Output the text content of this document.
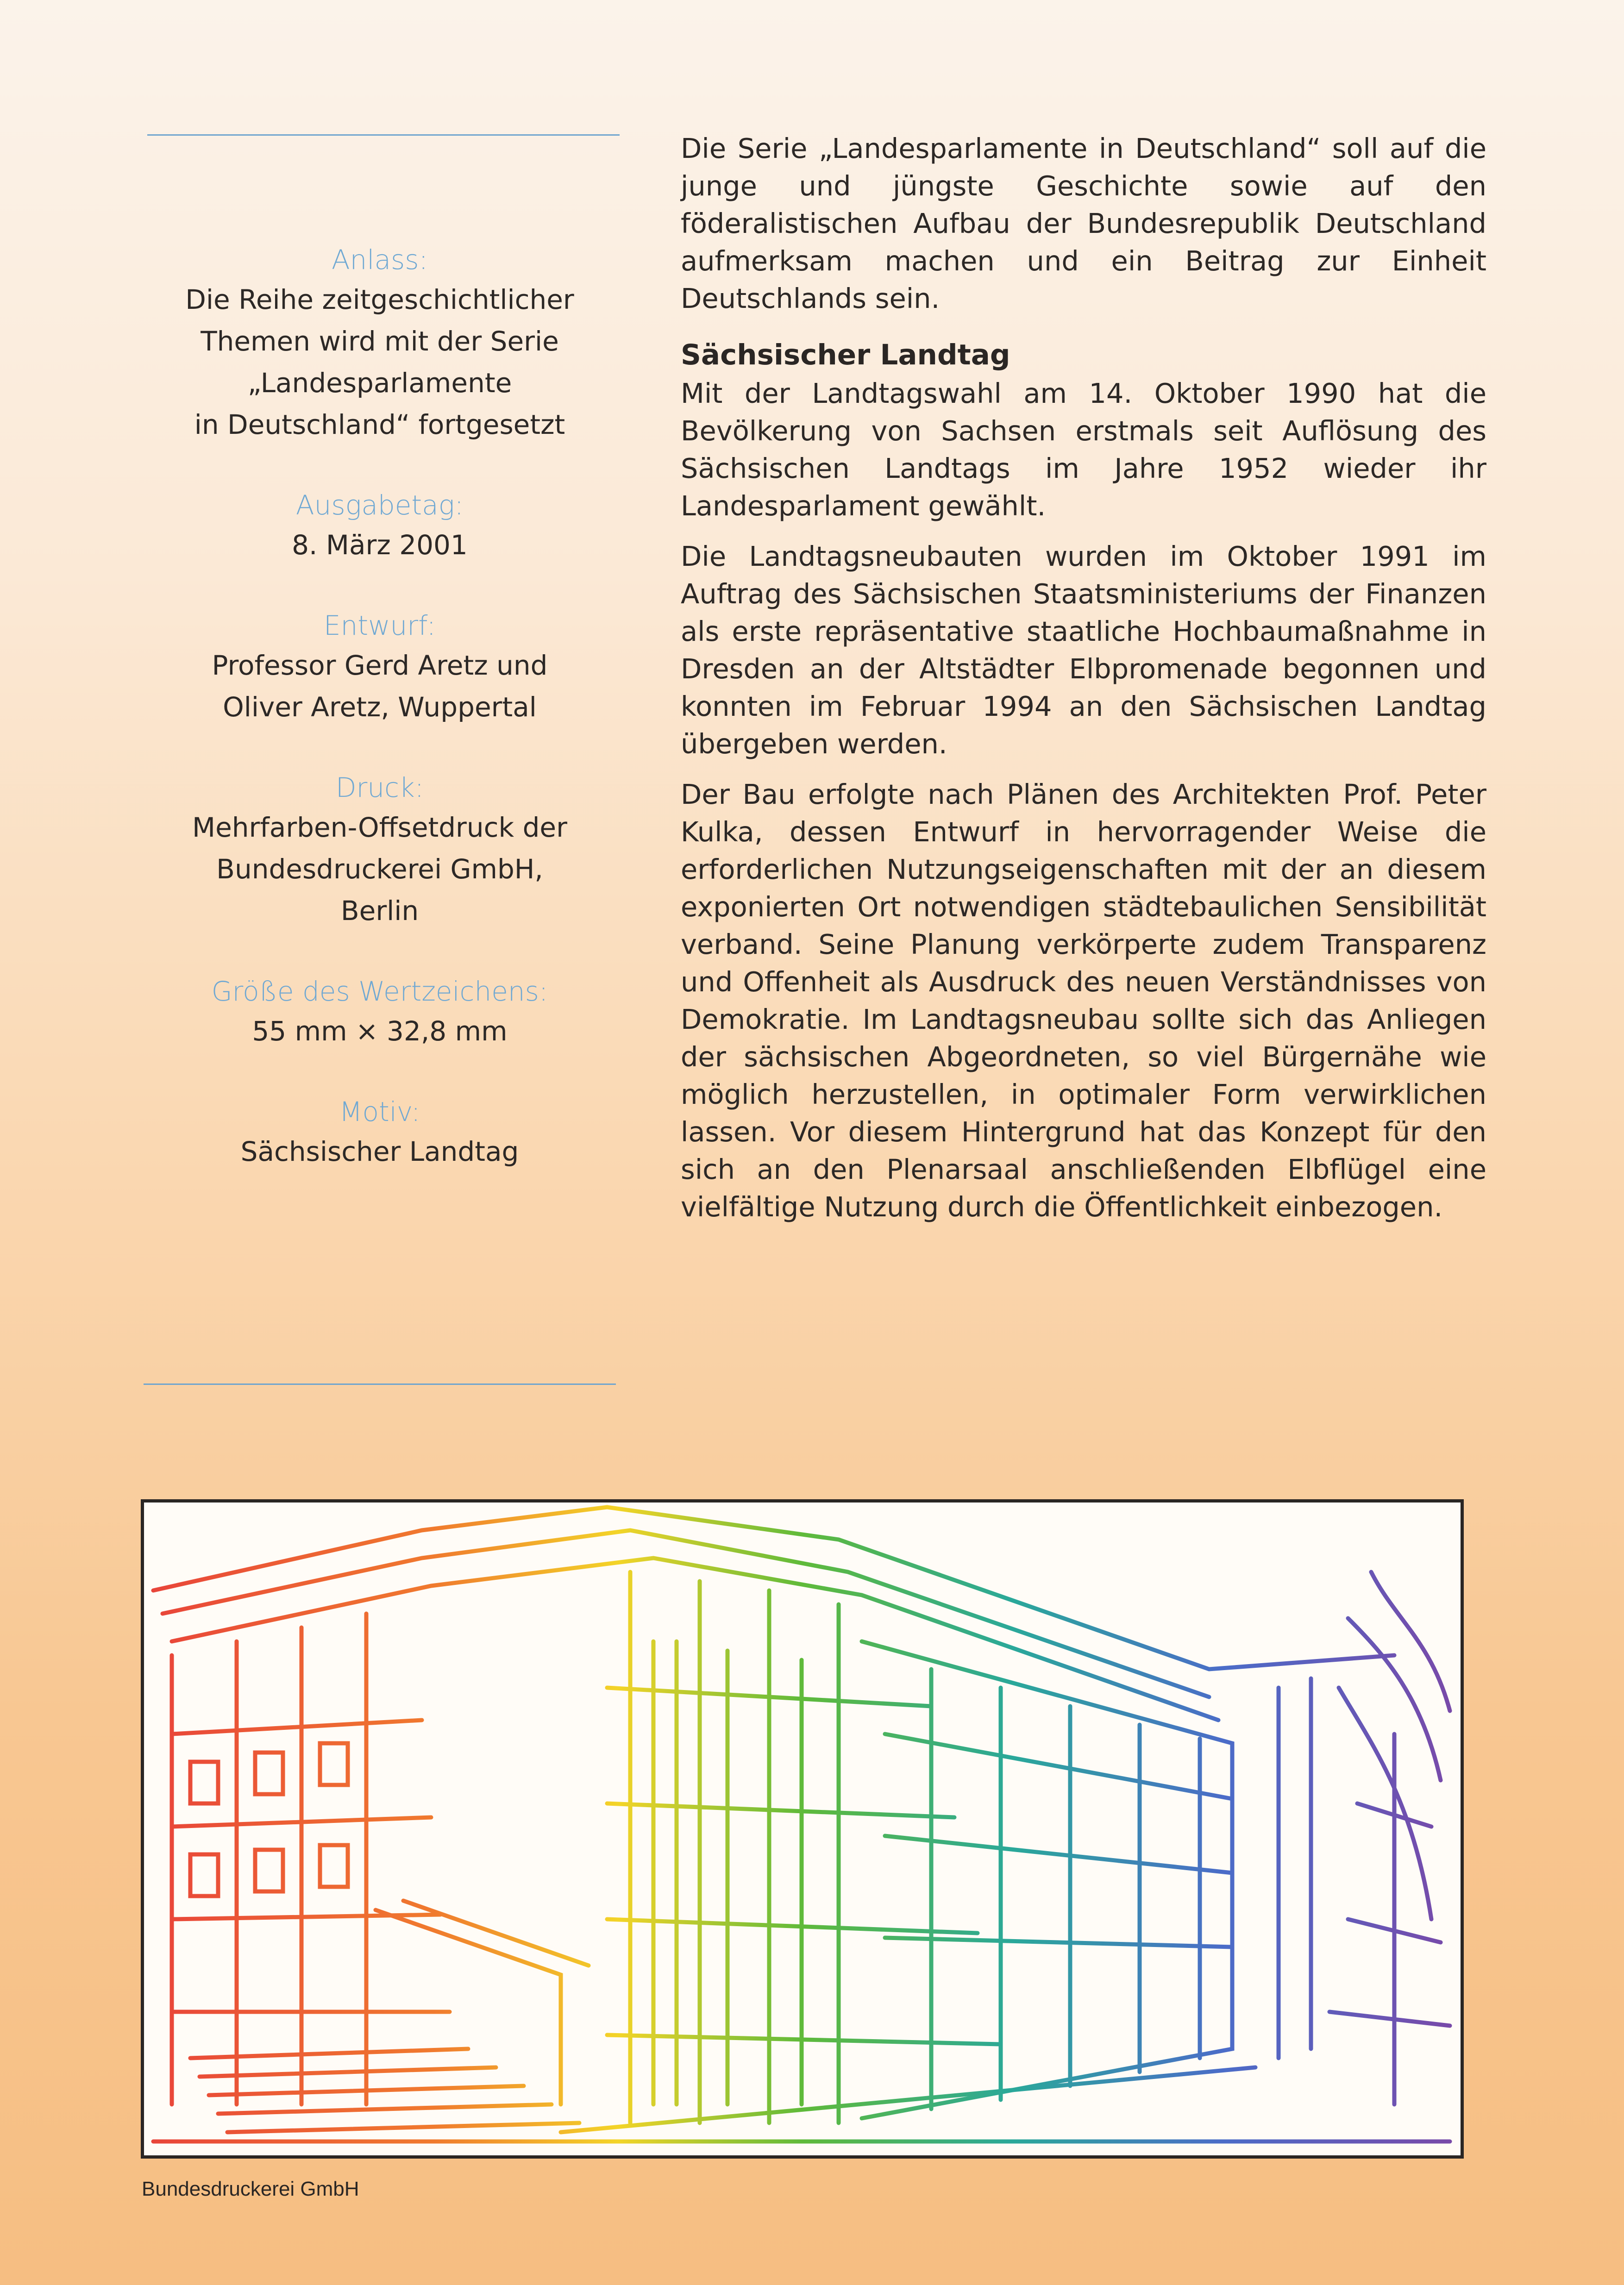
Anlass:
Die Reihe zeitgeschichtlicher
Themen wird mit der Serie
„Landesparlamente
in Deutschland“ fortgesetzt
Ausgabetag:
8. März 2001
Entwurf:
Professor Gerd Aretz und
Oliver Aretz, Wuppertal
Druck:
Mehrfarben-Offsetdruck der
Bundesdruckerei GmbH,
Berlin
Größe des Wertzeichens:
55 mm × 32,8 mm
Motiv:
Sächsischer Landtag

Die Serie „Landesparlamente in Deutschland“ soll auf die junge und jüngste Geschichte sowie auf den föderalistischen Aufbau der Bundesrepublik Deutschland aufmerksam machen und ein Beitrag zur Einheit Deutschlands sein.

Sächsischer Landtag

Mit der Landtagswahl am 14. Oktober 1990 hat die Bevölkerung von Sachsen erstmals seit Auflösung des Sächsischen Landtags im Jahre 1952 wieder ihr Landesparlament gewählt.

Die Landtagsneubauten wurden im Oktober 1991 im Auftrag des Sächsischen Staatsministeriums der Finanzen als erste repräsentative staatliche Hochbaumaßnahme in Dresden an der Altstädter Elbpromenade begonnen und konnten im Februar 1994 an den Sächsischen Landtag übergeben werden.

Der Bau erfolgte nach Plänen des Architekten Prof. Peter Kulka, dessen Entwurf in hervorragender Weise die erforderlichen Nutzungseigenschaften mit der an diesem exponierten Ort notwendigen städtebaulichen Sensibilität verband. Seine Planung verkörperte zudem Transparenz und Offenheit als Ausdruck des neuen Verständnisses von Demokratie. Im Landtagsneubau sollte sich das Anliegen der sächsischen Abgeordneten, so viel Bürgernähe wie möglich herzustellen, in optimaler Form verwirklichen lassen. Vor diesem Hintergrund hat das Konzept für den sich an den Plenarsaal anschließenden Elbflügel eine vielfältige Nutzung durch die Öffentlichkeit einbezogen.

Bundesdruckerei GmbH
